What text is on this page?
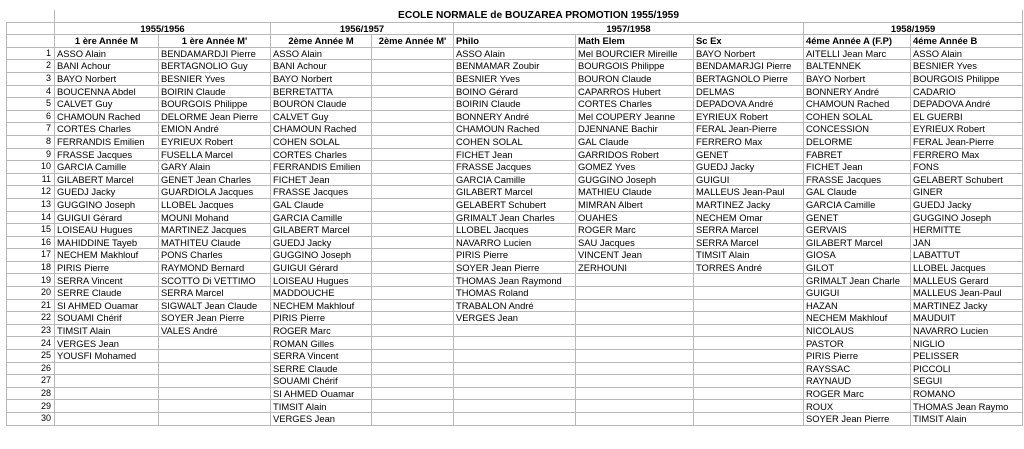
	ECOLE NORMALE de BOUZAREA PROMOTION 1955/1959								
	1955/1956		1956/1957		1957/1958			1958/1959	
	1 ère Année M	1 ère Année M'	2ème Année M	2ème Année M'	Philo	Math Elem	Sc Ex	4éme Année A (F.P)	4éme Année B
1	ASSO Alain	BENDAMARDJI Pierre	ASSO Alain		ASSO Alain	Mel BOURCIER Mireille	BAYO Norbert	AITELLI Jean Marc	ASSO Alain
2	BANI Achour	BERTAGNOLIO Guy	BANI Achour		BENMAMAR Zoubir	BOURGOIS Philippe	BENDAMARJGI Pierre	BALTENNEK	BESNIER Yves
3	BAYO Norbert	BESNIER Yves	BAYO Norbert		BESNIER Yves	BOURON Claude	BERTAGNOLO Pierre	BAYO Norbert	BOURGOIS Philippe
4	BOUCENNA Abdel	BOIRIN Claude	BERRETATTA		BOINO Gérard	CAPARROS Hubert	DELMAS	BONNERY André	CADARIO
5	CALVET Guy	BOURGOIS Philippe	BOURON Claude		BOIRIN Claude	CORTES Charles	DEPADOVA André	CHAMOUN Rached	DEPADOVA André
6	CHAMOUN Rached	DELORME Jean Pierre	CALVET Guy		BONNERY André	Mel COUPERY Jeanne	EYRIEUX Robert	COHEN SOLAL	EL GUERBI
7	CORTES Charles	EMION André	CHAMOUN Rached		CHAMOUN Rached	DJENNANE Bachir	FERAL Jean-Pierre	CONCESSION	EYRIEUX Robert
8	FERRANDIS Emilien	EYRIEUX Robert	COHEN SOLAL		COHEN SOLAL	GAL Claude	FERRERO Max	DELORME	FERAL Jean-Pierre
9	FRASSE Jacques	FUSELLA Marcel	CORTES Charles		FICHET Jean	GARRIDOS Robert	GENET	FABRET	FERRERO Max
10	GARCIA Camille	GARY Alain	FERRANDIS Emilien		FRASSE Jacques	GOMEZ Yves	GUEDJ Jacky	FICHET Jean	FONS
11	GILABERT Marcel	GENET Jean Charles	FICHET Jean		GARCIA Camille	GUGGINO Joseph	GUIGUI	FRASSE Jacques	GELABERT Schubert
12	GUEDJ Jacky	GUARDIOLA Jacques	FRASSE Jacques		GILABERT Marcel	MATHIEU Claude	MALLEUS Jean-Paul	GAL Claude	GINER
13	GUGGINO Joseph	LLOBEL Jacques	GAL Claude		GELABERT Schubert	MIMRAN Albert	MARTINEZ Jacky	GARCIA Camille	GUEDJ Jacky
14	GUIGUI Gérard	MOUNI Mohand	GARCIA Camille		GRIMALT Jean Charles	OUAHES	NECHEM Omar	GENET	GUGGINO Joseph
15	LOISEAU Hugues	MARTINEZ Jacques	GILABERT Marcel		LLOBEL Jacques	ROGER Marc	SERRA Marcel	GERVAIS	HERMITTE
16	MAHIDDINE Tayeb	MATHITEU Claude	GUEDJ Jacky		NAVARRO Lucien	SAU Jacques	SERRA Marcel	GILABERT Marcel	JAN
17	NECHEM Makhlouf	PONS Charles	GUGGINO Joseph		PIRIS Pierre	VINCENT Jean	TIMSIT Alain	GIOSA	LABATTUT
18	PIRIS Pierre	RAYMOND Bernard	GUIGUI Gérard		SOYER Jean Pierre	ZERHOUNI	TORRES André	GILOT	LLOBEL Jacques
19	SERRA Vincent	SCOTTO Di VETTIMO	LOISEAU Hugues		THOMAS Jean Raymond			GRIMALT Jean Charle	MALLEUS Gerard
20	SERRE Claude	SERRA Marcel	MADDOUCHE		THOMAS Roland			GUIGUI	MALLEUS Jean-Paul
21	SI AHMED Ouamar	SIGWALT Jean Claude	NECHEM Makhlouf		TRABALON André			HAZAN	MARTINEZ Jacky
22	SOUAMI Chérif	SOYER Jean Pierre	PIRIS Pierre		VERGES Jean			NECHEM Makhlouf	MAUDUIT
23	TIMSIT Alain	VALES André	ROGER Marc					NICOLAUS	NAVARRO Lucien
24	VERGES Jean		ROMAN Gilles					PASTOR	NIGLIO
25	YOUSFI Mohamed		SERRA Vincent					PIRIS Pierre	PELISSER
26			SERRE Claude					RAYSSAC	PICCOLI
27			SOUAMI Chérif					RAYNAUD	SEGUI
28			SI AHMED Ouamar					ROGER Marc	ROMANO
29			TIMSIT Alain					ROUX	THOMAS Jean Raymo
30			VERGES Jean					SOYER Jean Pierre	TIMSIT Alain
